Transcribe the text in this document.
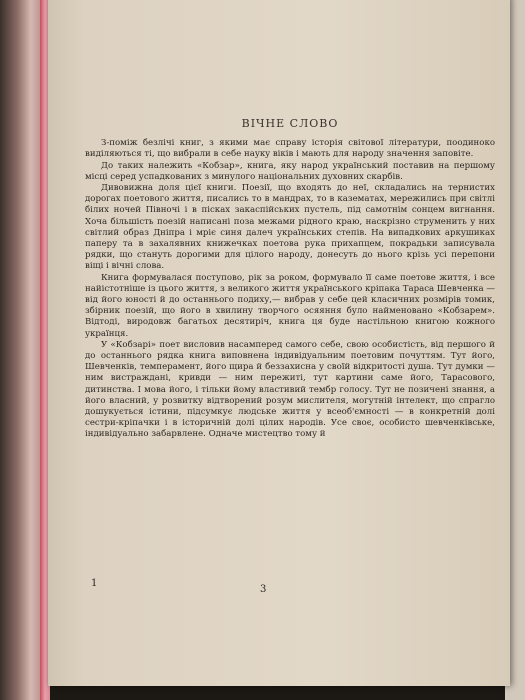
ВІЧНЕ СЛОВО

З-поміж безлічі книг, з якими має справу історія світової літератури, поодиноко виділяються ті, що вибрали в себе наукy віків і мають для народу значення заповіте.

До таких належить «Кобзар», книга, яку народ український поставив на першому місці серед успадкованих з минулого національних духовних скарбів.

Дивовижна доля цієї книги. Поезії, що входять до неї, складались на тернистих дорогах поетового життя, писались то в мандрах, то в казематах, мережились при світлі білих ночей Півночі і в пісках закаспійських пустель, під самотнім сонцем вигнання. Хоча більшість поезій написані поза межами рідного краю, наскрізно струменить у них світлий образ Дніпра і мріє синя далеч українських степів. На випадкових аркушиках паперу та в захалявних книжечках поетова рука прихапцем, покрадьки записувала рядки, що стануть дорогими для цілого народу, донесуть до нього крізь усі перепони віщі і вічні слова.

Книга формувалася поступово, рік за роком, формувало її саме поетове життя, і все найістотніше із цього життя, з великого життя українського кріпака Тараса Шевченка — від його юності й до останнього подиху,— вибрав у себе цей класичних розмірів томик, збірник поезій, що його в хвилину творчого осяяння було найменовано «Кобзарем». Відтоді, виродовж багатьох десятиріч, книга ця буде настільною книгою кожного українця.

У «Кобзарі» поет висловив насамперед самого себе, свою особистість, від першого й до останнього рядка книга виповнена індивідуальним поетовим почуттям. Тут його, Шевченків, темперамент, його щира й беззахисна у своїй відкритості душа. Тут думки — ним вистраждані, кривди — ним пережиті, тут картини саме його, Тарасового, дитинства. І мова його, і тільки йому властивий тембр голосу. Тут не позичені знання, а його власний, у розвитку відтворений розум мислителя, могутній інтелект, що спрагло дошукується істини, підсумкує людське життя у всеоб'ємності — в конкретній долі сестри-кріпачки і в історичній долі цілих народів. Усе своє, особисто шевченківське, індивідуально забарвлене. Одначе мистецтво тому й

1
3
